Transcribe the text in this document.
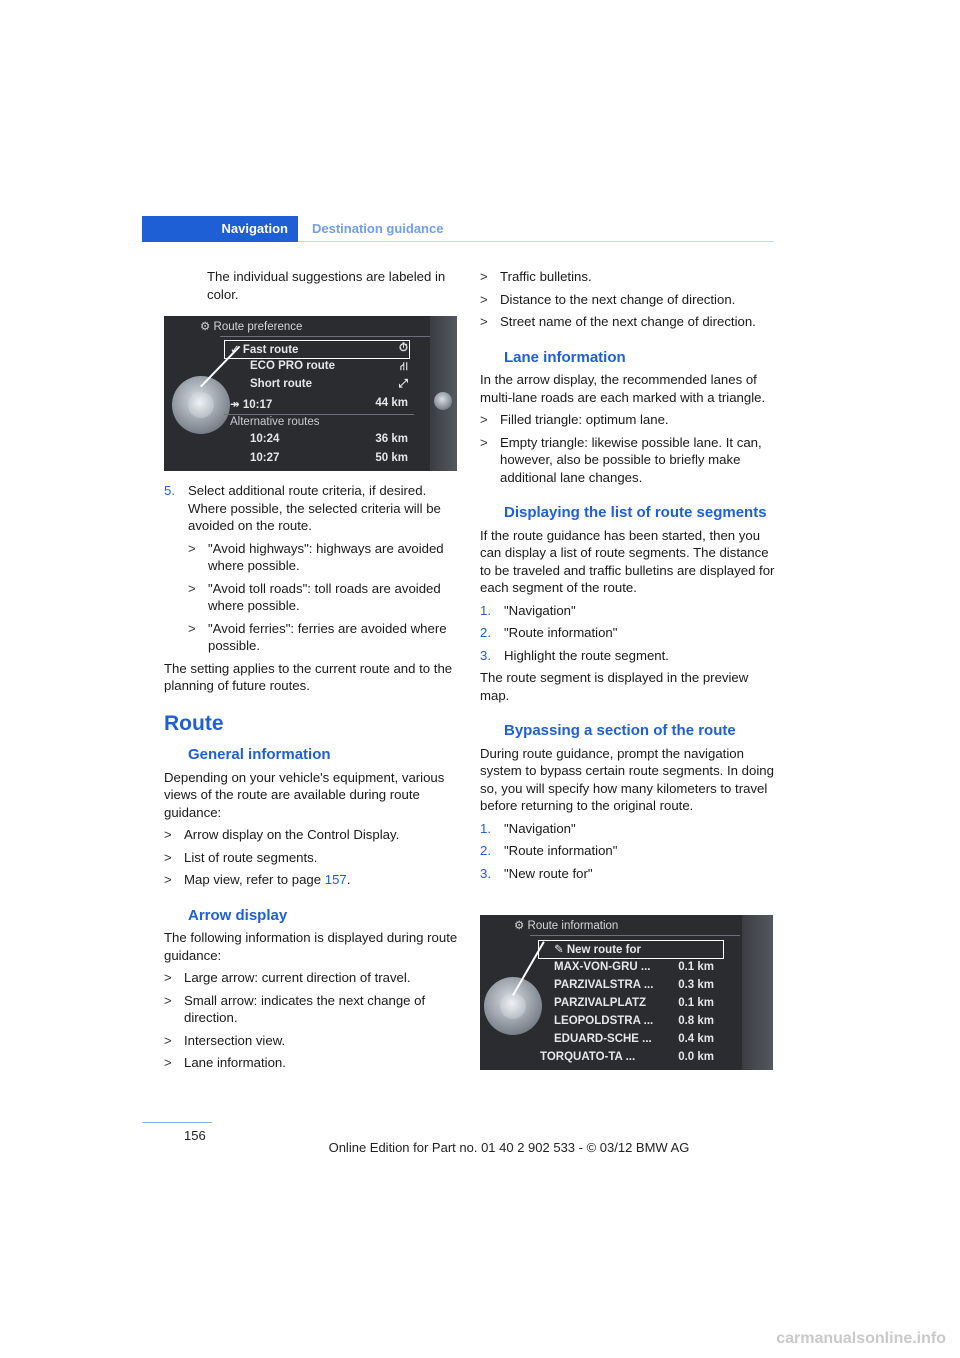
Navigation	Destination guidance

The individual suggestions are labeled in color.

⚙ Route preference
✓ Fast route	⏱
ECO PRO route	⛙
Short route	⤢
↠ 10:17	44 km
Alternative routes
10:24	36 km
10:27	50 km
5. Select additional route criteria, if desired. Where possible, the selected criteria will be avoided on the route.
> "Avoid highways": highways are avoided where possible.
> "Avoid toll roads": toll roads are avoided where possible.
> "Avoid ferries": ferries are avoided where possible.

The setting applies to the current route and to the planning of future routes.

Route
General information

Depending on your vehicle's equipment, various views of the route are available during route guidance:

> Arrow display on the Control Display.
> List of route segments.
> Map view, refer to page 157.
Arrow display

The following information is displayed during route guidance:

> Large arrow: current direction of travel.
> Small arrow: indicates the next change of direction.
> Intersection view.
> Lane information.
> Traffic bulletins.
> Distance to the next change of direction.
> Street name of the next change of direction.
Lane information

In the arrow display, the recommended lanes of multi-lane roads are each marked with a triangle.

> Filled triangle: optimum lane.
> Empty triangle: likewise possible lane. It can, however, also be possible to briefly make additional lane changes.
Displaying the list of route segments

If the route guidance has been started, then you can display a list of route segments. The distance to be traveled and traffic bulletins are displayed for each segment of the route.

1. "Navigation"
2. "Route information"
3. Highlight the route segment.

The route segment is displayed in the preview map.

Bypassing a section of the route

During route guidance, prompt the navigation system to bypass certain route segments. In doing so, you will specify how many kilometers to travel before returning to the original route.

1. "Navigation"
2. "Route information"
3. "New route for"
⚙ Route information
✎ New route for
MAX-VON-GRU ...	0.1 km
PARZIVALSTRA ...	0.3 km
PARZIVALPLATZ	0.1 km
LEOPOLDSTRA ...	0.8 km
EDUARD-SCHE ...	0.4 km
TORQUATO-TA ...	0.0 km
156
Online Edition for Part no. 01 40 2 902 533 - © 03/12 BMW AG
carmanualsonline.info
